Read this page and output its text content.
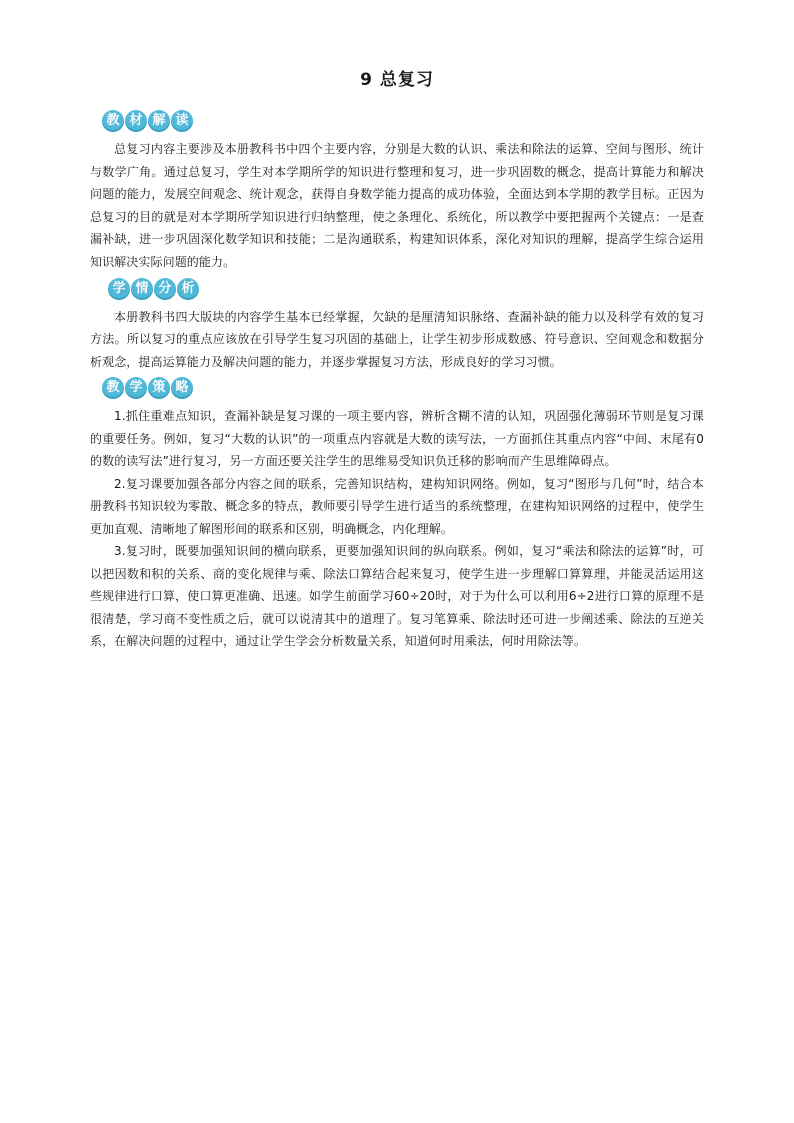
9 总复习
教 材 解 读

总复习内容主要涉及本册教科书中四个主要内容，分别是大数的认识、乘法和除法的运算、空间与图形、统计与数学广角。通过总复习，学生对本学期所学的知识进行整理和复习，进一步巩固数的概念，提高计算能力和解决问题的能力，发展空间观念、统计观念，获得自身数学能力提高的成功体验，全面达到本学期的教学目标。正因为总复习的目的就是对本学期所学知识进行归纳整理，使之条理化、系统化，所以教学中要把握两个关键点：一是查漏补缺，进一步巩固深化数学知识和技能；二是沟通联系，构建知识体系，深化对知识的理解，提高学生综合运用知识解决实际问题的能力。

学 情 分 析

本册教科书四大版块的内容学生基本已经掌握，欠缺的是厘清知识脉络、查漏补缺的能力以及科学有效的复习方法。所以复习的重点应该放在引导学生复习巩固的基础上，让学生初步形成数感、符号意识、空间观念和数据分析观念，提高运算能力及解决问题的能力，并逐步掌握复习方法，形成良好的学习习惯。

教 学 策 略

1.抓住重难点知识，查漏补缺是复习课的一项主要内容，辨析含糊不清的认知，巩固强化薄弱环节则是复习课的重要任务。例如，复习“大数的认识”的一项重点内容就是大数的读写法，一方面抓住其重点内容“中间、末尾有0的数的读写法”进行复习，另一方面还要关注学生的思维易受知识负迁移的影响而产生思维障碍点。

2.复习课要加强各部分内容之间的联系，完善知识结构，建构知识网络。例如，复习“图形与几何”时，结合本册教科书知识较为零散、概念多的特点，教师要引导学生进行适当的系统整理，在建构知识网络的过程中，使学生更加直观、清晰地了解图形间的联系和区别，明确概念，内化理解。

3.复习时，既要加强知识间的横向联系，更要加强知识间的纵向联系。例如，复习“乘法和除法的运算”时，可以把因数和积的关系、商的变化规律与乘、除法口算结合起来复习，使学生进一步理解口算算理，并能灵活运用这些规律进行口算，使口算更准确、迅速。如学生前面学习60÷20时，对于为什么可以利用6÷2进行口算的原理不是很清楚，学习商不变性质之后，就可以说清其中的道理了。复习笔算乘、除法时还可进一步阐述乘、除法的互逆关系，在解决问题的过程中，通过让学生学会分析数量关系，知道何时用乘法，何时用除法等。
